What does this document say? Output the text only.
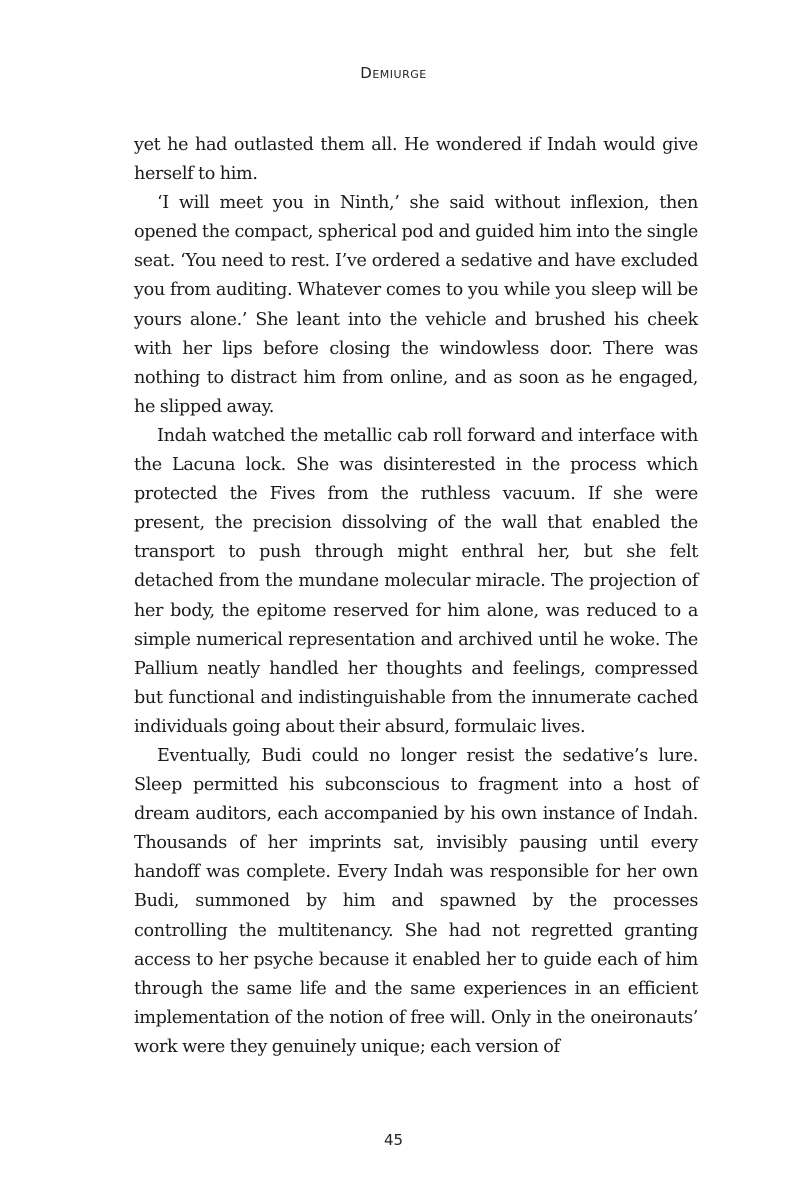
Demiurge

yet he had outlasted them all. He wondered if Indah would give herself to him.

‘I will meet you in Ninth,’ she said without inflexion, then opened the compact, spherical pod and guided him into the single seat. ‘You need to rest. I’ve ordered a sedative and have excluded you from auditing. Whatever comes to you while you sleep will be yours alone.’ She leant into the vehicle and brushed his cheek with her lips before closing the windowless door. There was nothing to distract him from online, and as soon as he engaged, he slipped away.

Indah watched the metallic cab roll forward and interface with the Lacuna lock. She was disinterested in the process which protected the Fives from the ruthless vacuum. If she were present, the precision dissolving of the wall that enabled the transport to push through might enthral her, but she felt detached from the mundane molecular miracle. The projection of her body, the epitome reserved for him alone, was reduced to a simple numerical representation and archived until he woke. The Pallium neatly handled her thoughts and feelings, compressed but functional and indistinguishable from the innumerate cached individuals going about their absurd, formulaic lives.

Eventually, Budi could no longer resist the sedative’s lure. Sleep permitted his subconscious to fragment into a host of dream auditors, each accompanied by his own instance of Indah. Thousands of her imprints sat, invisibly pausing until every handoff was complete. Every Indah was responsible for her own Budi, summoned by him and spawned by the processes controlling the multitenancy. She had not regretted granting access to her psyche because it enabled her to guide each of him through the same life and the same experiences in an efficient implementation of the notion of free will. Only in the oneironauts’ work were they genuinely unique; each version of

45
